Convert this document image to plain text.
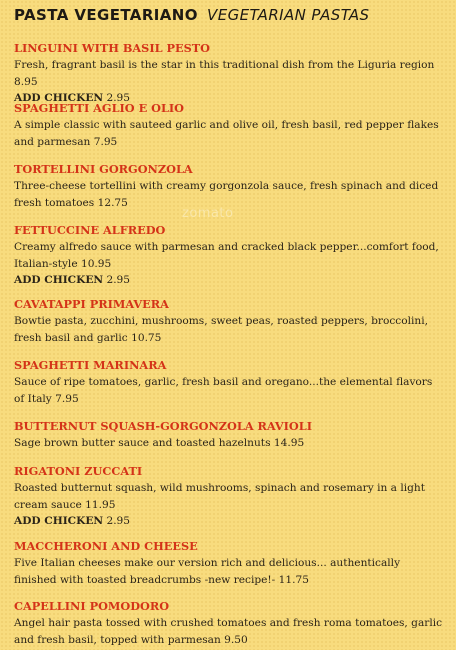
PASTA VEGETARIANO VEGETARIAN PASTAS
zomato
LINGUINI WITH BASIL PESTO
Fresh, fragrant basil is the star in this traditional dish from the Liguria region 8.95
ADD CHICKEN 2.95
SPAGHETTI AGLIO E OLIO
A simple classic with sauteed garlic and olive oil, fresh basil, red pepper flakes and parmesan 7.95
TORTELLINI GORGONZOLA
Three-cheese tortellini with creamy gorgonzola sauce, fresh spinach and diced fresh tomatoes 12.75
FETTUCCINE ALFREDO
Creamy alfredo sauce with parmesan and cracked black pepper...comfort food, Italian-style 10.95
ADD CHICKEN 2.95
CAVATAPPI PRIMAVERA
Bowtie pasta, zucchini, mushrooms, sweet peas, roasted peppers, broccolini, fresh basil and garlic 10.75
SPAGHETTI MARINARA
Sauce of ripe tomatoes, garlic, fresh basil and oregano...the elemental flavors of Italy 7.95
BUTTERNUT SQUASH-GORGONZOLA RAVIOLI
Sage brown butter sauce and toasted hazelnuts 14.95
RIGATONI ZUCCATI
Roasted butternut squash, wild mushrooms, spinach and rosemary in a light cream sauce 11.95
ADD CHICKEN 2.95
MACCHERONI AND CHEESE
Five Italian cheeses make our version rich and delicious... authentically finished with toasted breadcrumbs -new recipe!- 11.75
CAPELLINI POMODORO
Angel hair pasta tossed with crushed tomatoes and fresh roma tomatoes, garlic and fresh basil, topped with parmesan 9.50
